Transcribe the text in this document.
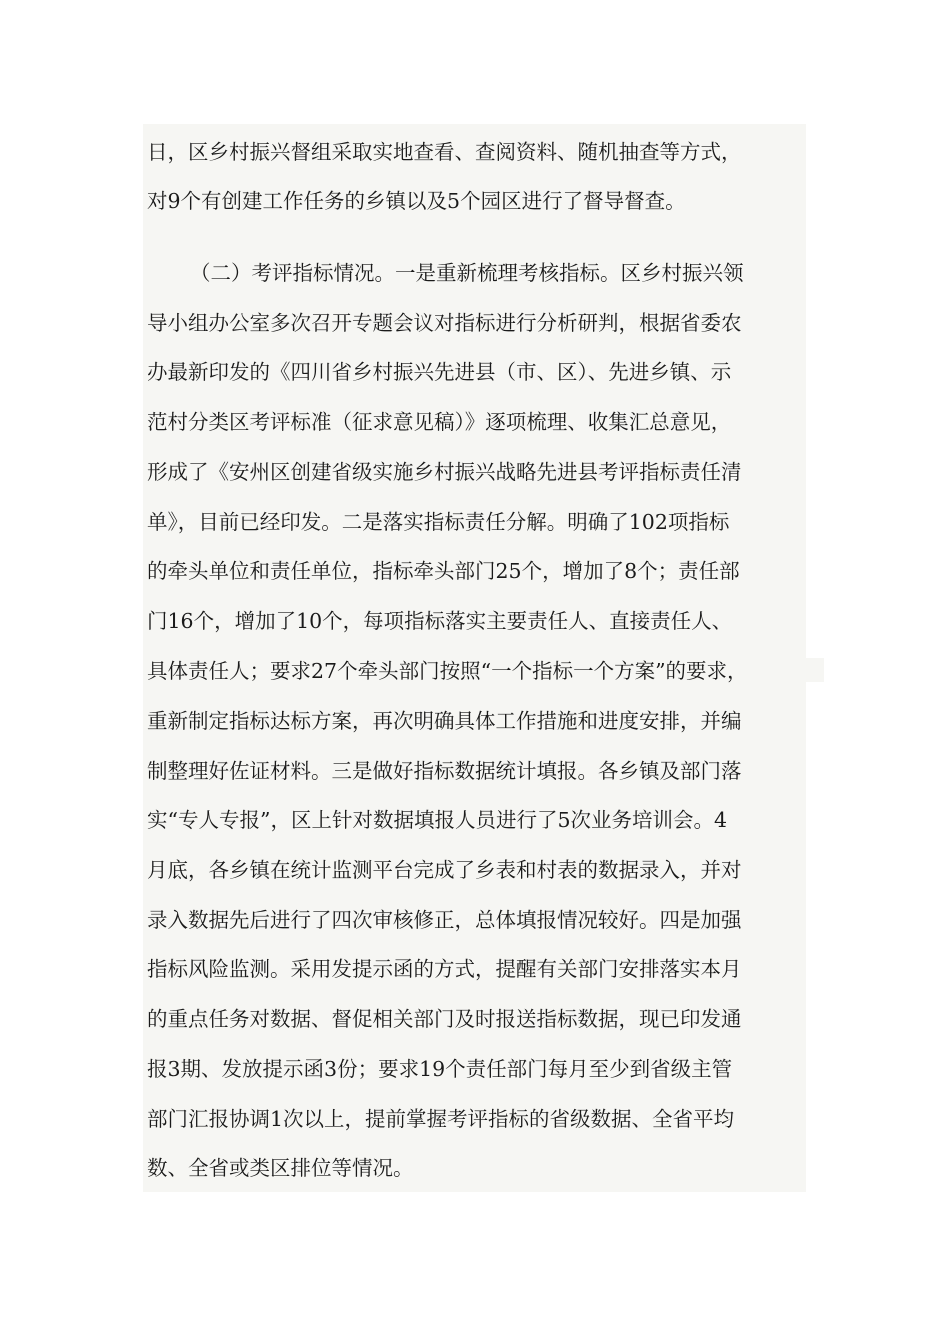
日，区乡村振兴督组采取实地查看、查阅资料、随机抽查等方式，
对9个有创建工作任务的乡镇以及5个园区进行了督导督查。
（二）考评指标情况。一是重新梳理考核指标。区乡村振兴领
导小组办公室多次召开专题会议对指标进行分析研判，根据省委农
办最新印发的《四川省乡村振兴先进县（市、区）、先进乡镇、示
范村分类区考评标准（征求意见稿）》逐项梳理、收集汇总意见，
形成了《安州区创建省级实施乡村振兴战略先进县考评指标责任清
单》，目前已经印发。二是落实指标责任分解。明确了102项指标
的牵头单位和责任单位，指标牵头部门25个，增加了8个；责任部
门16个，增加了10个，每项指标落实主要责任人、直接责任人、
具体责任人；要求27个牵头部门按照“一个指标一个方案”的要求，
重新制定指标达标方案，再次明确具体工作措施和进度安排，并编
制整理好佐证材料。三是做好指标数据统计填报。各乡镇及部门落
实“专人专报”，区上针对数据填报人员进行了5次业务培训会。4
月底，各乡镇在统计监测平台完成了乡表和村表的数据录入，并对
录入数据先后进行了四次审核修正，总体填报情况较好。四是加强
指标风险监测。采用发提示函的方式，提醒有关部门安排落实本月
的重点任务对数据、督促相关部门及时报送指标数据，现已印发通
报3期、发放提示函3份；要求19个责任部门每月至少到省级主管
部门汇报协调1次以上，提前掌握考评指标的省级数据、全省平均
数、全省或类区排位等情况。
